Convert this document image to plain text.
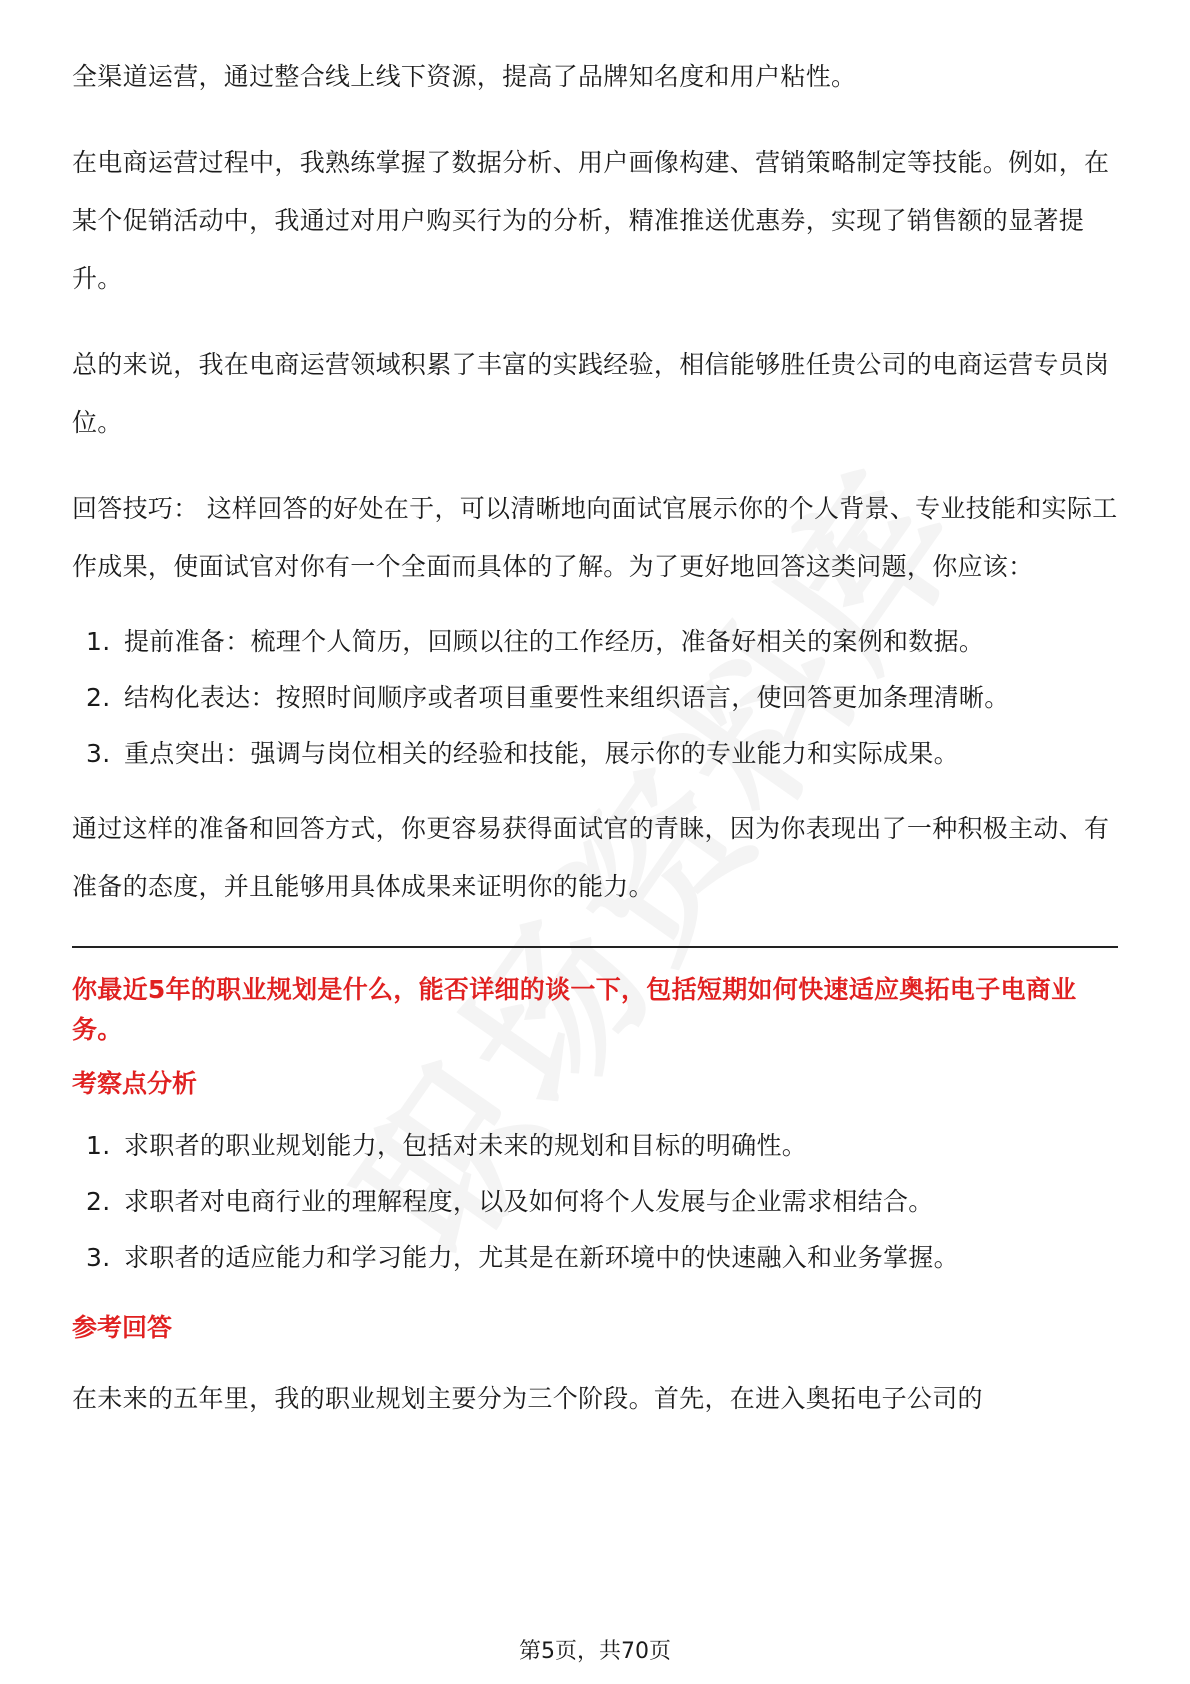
全渠道运营，通过整合线上线下资源，提高了品牌知名度和用户粘性。

在电商运营过程中，我熟练掌握了数据分析、用户画像构建、营销策略制定等技能。例如，在某个促销活动中，我通过对用户购买行为的分析，精准推送优惠券，实现了销售额的显著提升。

总的来说，我在电商运营领域积累了丰富的实践经验，相信能够胜任贵公司的电商运营专员岗位。

回答技巧： 这样回答的好处在于，可以清晰地向面试官展示你的个人背景、专业技能和实际工作成果，使面试官对你有一个全面而具体的了解。为了更好地回答这类问题，你应该：

1. 提前准备：梳理个人简历，回顾以往的工作经历，准备好相关的案例和数据。
2. 结构化表达：按照时间顺序或者项目重要性来组织语言，使回答更加条理清晰。
3. 重点突出：强调与岗位相关的经验和技能，展示你的专业能力和实际成果。

通过这样的准备和回答方式，你更容易获得面试官的青睐，因为你表现出了一种积极主动、有准备的态度，并且能够用具体成果来证明你的能力。

你最近5年的职业规划是什么，能否详细的谈一下，包括短期如何快速适应奥拓电子电商业务。

考察点分析

1. 求职者的职业规划能力，包括对未来的规划和目标的明确性。
2. 求职者对电商行业的理解程度，以及如何将个人发展与企业需求相结合。
3. 求职者的适应能力和学习能力，尤其是在新环境中的快速融入和业务掌握。

参考回答

在未来的五年里，我的职业规划主要分为三个阶段。首先，在进入奥拓电子公司的

第5页，共70页
